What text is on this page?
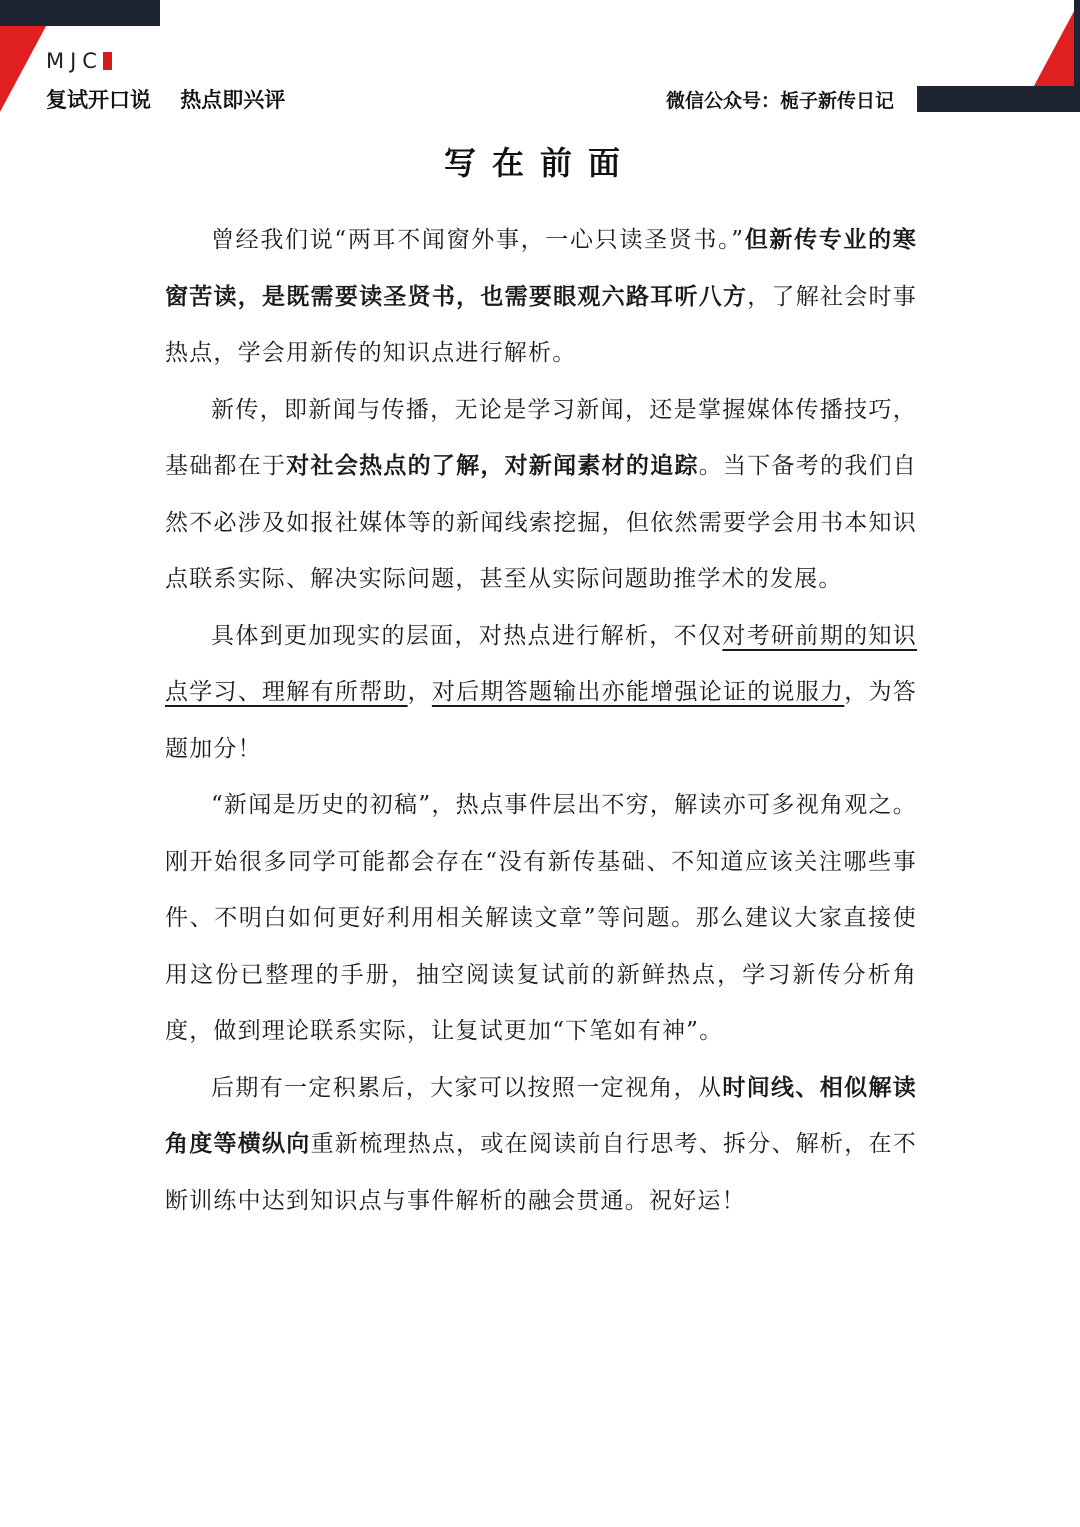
MJC
复试开口说    热点即兴评	微信公众号：栀子新传日记
写在前面

曾经我们说“两耳不闻窗外事，一心只读圣贤书。”但新传专业的寒窗苦读，是既需要读圣贤书，也需要眼观六路耳听八方，了解社会时事热点，学会用新传的知识点进行解析。

新传，即新闻与传播，无论是学习新闻，还是掌握媒体传播技巧，基础都在于对社会热点的了解，对新闻素材的追踪。当下备考的我们自然不必涉及如报社媒体等的新闻线索挖掘，但依然需要学会用书本知识点联系实际、解决实际问题，甚至从实际问题助推学术的发展。

具体到更加现实的层面，对热点进行解析，不仅对考研前期的知识点学习、理解有所帮助，对后期答题输出亦能增强论证的说服力，为答题加分！

“新闻是历史的初稿”，热点事件层出不穷，解读亦可多视角观之。刚开始很多同学可能都会存在“没有新传基础、不知道应该关注哪些事件、不明白如何更好利用相关解读文章”等问题。那么建议大家直接使用这份已整理的手册，抽空阅读复试前的新鲜热点，学习新传分析角度，做到理论联系实际，让复试更加“下笔如有神”。

后期有一定积累后，大家可以按照一定视角，从时间线、相似解读角度等横纵向重新梳理热点，或在阅读前自行思考、拆分、解析，在不断训练中达到知识点与事件解析的融会贯通。祝好运！
